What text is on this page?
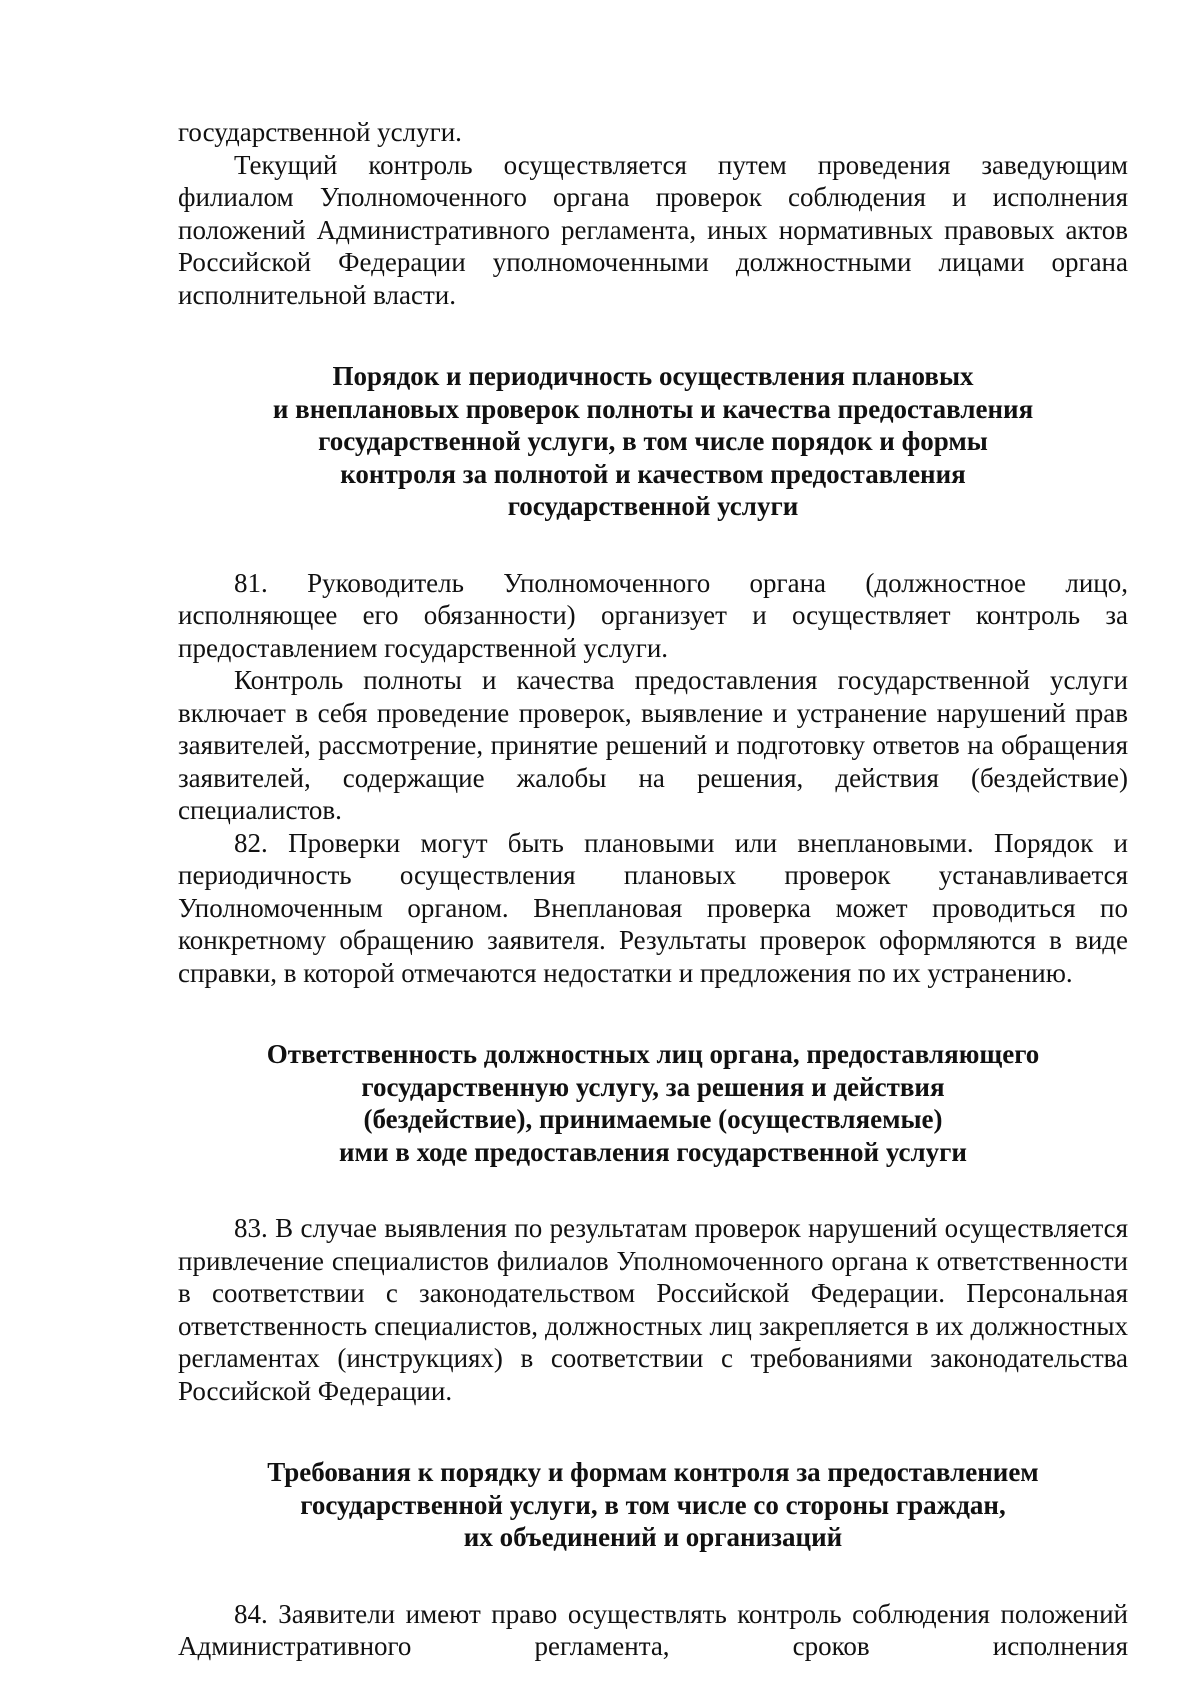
государственной услуги.

Текущий контроль осуществляется путем проведения заведующим филиалом Уполномоченного органа проверок соблюдения и исполнения положений Административного регламента, иных нормативных правовых актов Российской Федерации уполномоченными должностными лицами органа исполнительной власти.

Порядок и периодичность осуществления плановых
и внеплановых проверок полноты и качества предоставления
государственной услуги, в том числе порядок и формы
контроля за полнотой и качеством предоставления
государственной услуги

81. Руководитель Уполномоченного органа (должностное лицо, исполняющее его обязанности) организует и осуществляет контроль за предоставлением государственной услуги.

Контроль полноты и качества предоставления государственной услуги включает в себя проведение проверок, выявление и устранение нарушений прав заявителей, рассмотрение, принятие решений и подготовку ответов на обращения заявителей, содержащие жалобы на решения, действия (бездействие) специалистов.

82. Проверки могут быть плановыми или внеплановыми. Порядок и периодичность осуществления плановых проверок устанавливается Уполномоченным органом. Внеплановая проверка может проводиться по конкретному обращению заявителя. Результаты проверок оформляются в виде справки, в которой отмечаются недостатки и предложения по их устранению.

Ответственность должностных лиц органа, предоставляющего
государственную услугу, за решения и действия
(бездействие), принимаемые (осуществляемые)
ими в ходе предоставления государственной услуги

83. В случае выявления по результатам проверок нарушений осуществляется привлечение специалистов филиалов Уполномоченного органа к ответственности в соответствии с законодательством Российской Федерации. Персональная ответственность специалистов, должностных лиц закрепляется в их должностных регламентах (инструкциях) в соответствии с требованиями законодательства Российской Федерации.

Требования к порядку и формам контроля за предоставлением
государственной услуги, в том числе со стороны граждан,
их объединений и организаций

84. Заявители имеют право осуществлять контроль соблюдения положений Административного регламента, сроков исполнения
